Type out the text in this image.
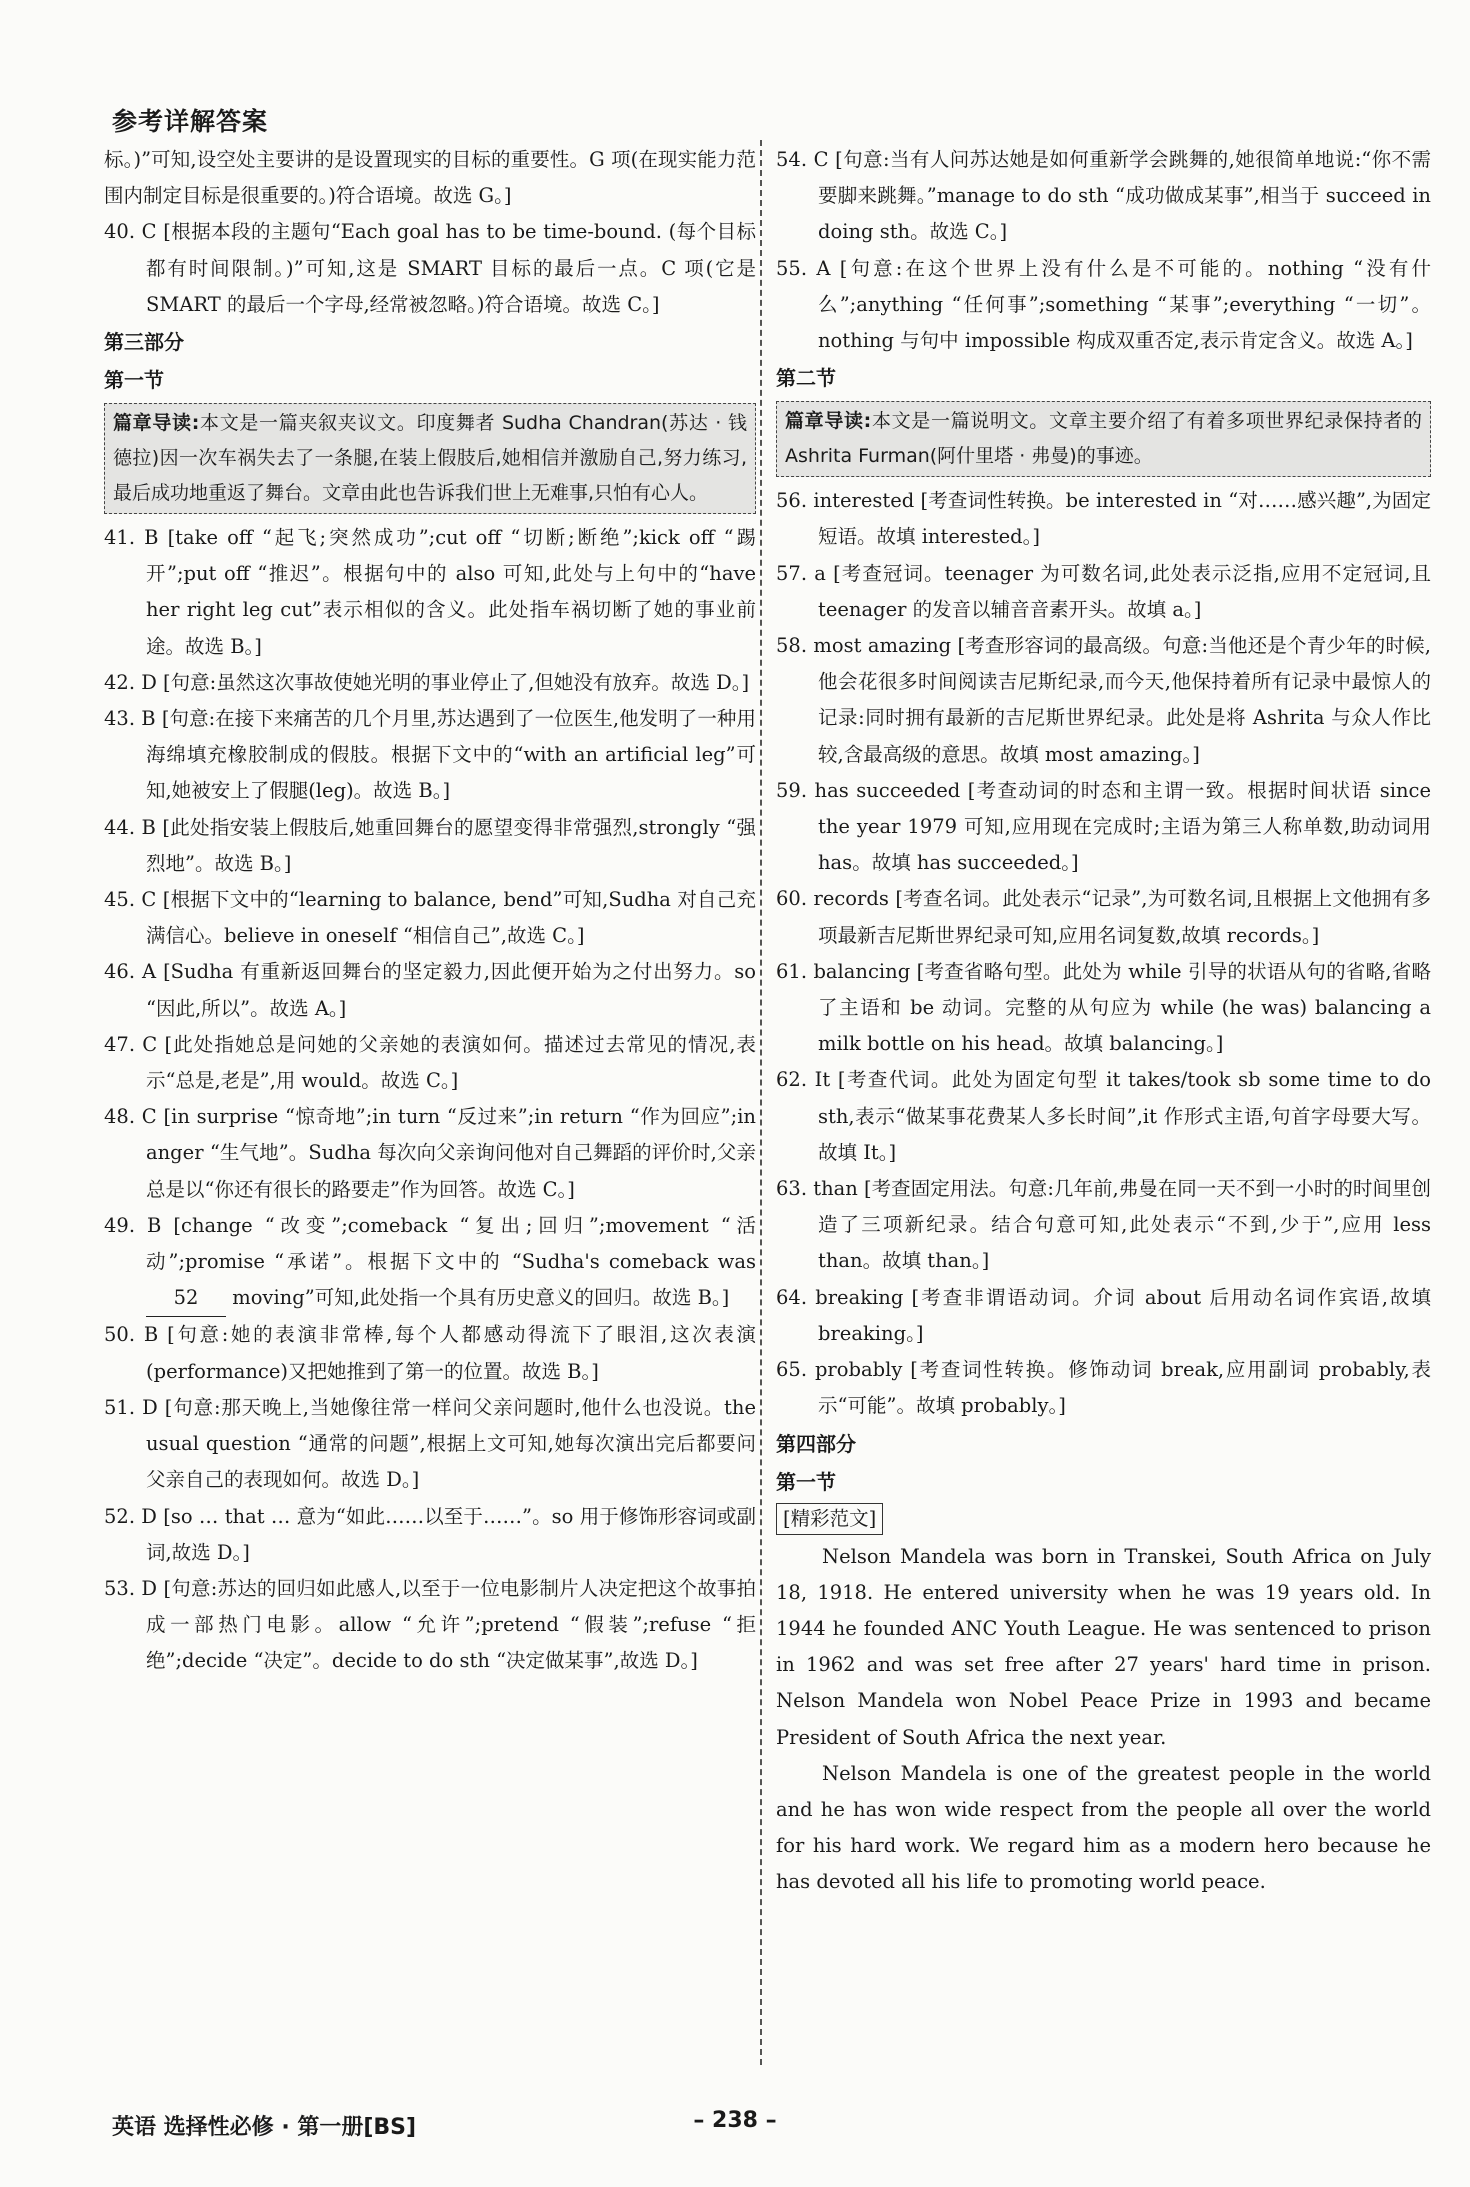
参考详解答案
标。)”可知,设空处主要讲的是设置现实的目标的重要性。G 项(在现实能力范围内制定目标是很重要的。)符合语境。故选 G。]
40. C [根据本段的主题句“Each goal has to be time-bound. (每个目标都有时间限制。)”可知,这是 SMART 目标的最后一点。C 项(它是 SMART 的最后一个字母,经常被忽略。)符合语境。故选 C。]
第三部分
第一节
篇章导读:本文是一篇夹叙夹议文。印度舞者 Sudha Chandran(苏达 · 钱德拉)因一次车祸失去了一条腿,在装上假肢后,她相信并激励自己,努力练习,最后成功地重返了舞台。文章由此也告诉我们世上无难事,只怕有心人。
41. B [take off “起飞;突然成功”;cut off “切断;断绝”;kick off “踢开”;put off “推迟”。根据句中的 also 可知,此处与上句中的“have her right leg cut”表示相似的含义。此处指车祸切断了她的事业前途。故选 B。]
42. D [句意:虽然这次事故使她光明的事业停止了,但她没有放弃。故选 D。]
43. B [句意:在接下来痛苦的几个月里,苏达遇到了一位医生,他发明了一种用海绵填充橡胶制成的假肢。根据下文中的“with an artificial leg”可知,她被安上了假腿(leg)。故选 B。]
44. B [此处指安装上假肢后,她重回舞台的愿望变得非常强烈,strongly “强烈地”。故选 B。]
45. C [根据下文中的“learning to balance, bend”可知,Sudha 对自己充满信心。believe in oneself “相信自己”,故选 C。]
46. A [Sudha 有重新返回舞台的坚定毅力,因此便开始为之付出努力。so “因此,所以”。故选 A。]
47. C [此处指她总是问她的父亲她的表演如何。描述过去常见的情况,表示“总是,老是”,用 would。故选 C。]
48. C [in surprise “惊奇地”;in turn “反过来”;in return “作为回应”;in anger “生气地”。Sudha 每次向父亲询问他对自己舞蹈的评价时,父亲总是以“你还有很长的路要走”作为回答。故选 C。]
49. B [change “改变”;comeback “复出;回归”;movement “活动”;promise “承诺”。根据下文中的 “Sudha's comeback was 52 moving”可知,此处指一个具有历史意义的回归。故选 B。]
50. B [句意:她的表演非常棒,每个人都感动得流下了眼泪,这次表演(performance)又把她推到了第一的位置。故选 B。]
51. D [句意:那天晚上,当她像往常一样问父亲问题时,他什么也没说。the usual question “通常的问题”,根据上文可知,她每次演出完后都要问父亲自己的表现如何。故选 D。]
52. D [so … that … 意为“如此……以至于……”。so 用于修饰形容词或副词,故选 D。]
53. D [句意:苏达的回归如此感人,以至于一位电影制片人决定把这个故事拍成一部热门电影。allow “允许”;pretend “假装”;refuse “拒绝”;decide “决定”。decide to do sth “决定做某事”,故选 D。]
54. C [句意:当有人问苏达她是如何重新学会跳舞的,她很简单地说:“你不需要脚来跳舞。”manage to do sth “成功做成某事”,相当于 succeed in doing sth。故选 C。]
55. A [句意:在这个世界上没有什么是不可能的。nothing “没有什么”;anything “任何事”;something “某事”;everything “一切”。nothing 与句中 impossible 构成双重否定,表示肯定含义。故选 A。]
第二节
篇章导读:本文是一篇说明文。文章主要介绍了有着多项世界纪录保持者的 Ashrita Furman(阿什里塔 · 弗曼)的事迹。
56. interested [考查词性转换。be interested in “对……感兴趣”,为固定短语。故填 interested。]
57. a [考查冠词。teenager 为可数名词,此处表示泛指,应用不定冠词,且 teenager 的发音以辅音音素开头。故填 a。]
58. most amazing [考查形容词的最高级。句意:当他还是个青少年的时候,他会花很多时间阅读吉尼斯纪录,而今天,他保持着所有记录中最惊人的记录:同时拥有最新的吉尼斯世界纪录。此处是将 Ashrita 与众人作比较,含最高级的意思。故填 most amazing。]
59. has succeeded [考查动词的时态和主谓一致。根据时间状语 since the year 1979 可知,应用现在完成时;主语为第三人称单数,助动词用 has。故填 has succeeded。]
60. records [考查名词。此处表示“记录”,为可数名词,且根据上文他拥有多项最新吉尼斯世界纪录可知,应用名词复数,故填 records。]
61. balancing [考查省略句型。此处为 while 引导的状语从句的省略,省略了主语和 be 动词。完整的从句应为 while (he was) balancing a milk bottle on his head。故填 balancing。]
62. It [考查代词。此处为固定句型 it takes/took sb some time to do sth,表示“做某事花费某人多长时间”,it 作形式主语,句首字母要大写。故填 It。]
63. than [考查固定用法。句意:几年前,弗曼在同一天不到一小时的时间里创造了三项新纪录。结合句意可知,此处表示“不到,少于”,应用 less than。故填 than。]
64. breaking [考查非谓语动词。介词 about 后用动名词作宾语,故填 breaking。]
65. probably [考查词性转换。修饰动词 break,应用副词 probably,表示“可能”。故填 probably。]
第四部分
第一节
[精彩范文]

Nelson Mandela was born in Transkei, South Africa on July 18, 1918. He entered university when he was 19 years old. In 1944 he founded ANC Youth League. He was sentenced to prison in 1962 and was set free after 27 years' hard time in prison. Nelson Mandela won Nobel Peace Prize in 1993 and became President of South Africa the next year.

Nelson Mandela is one of the greatest people in the world and he has won wide respect from the people all over the world for his hard work. We regard him as a modern hero because he has devoted all his life to promoting world peace.

英语 选择性必修 · 第一册[BS]	– 238 –
